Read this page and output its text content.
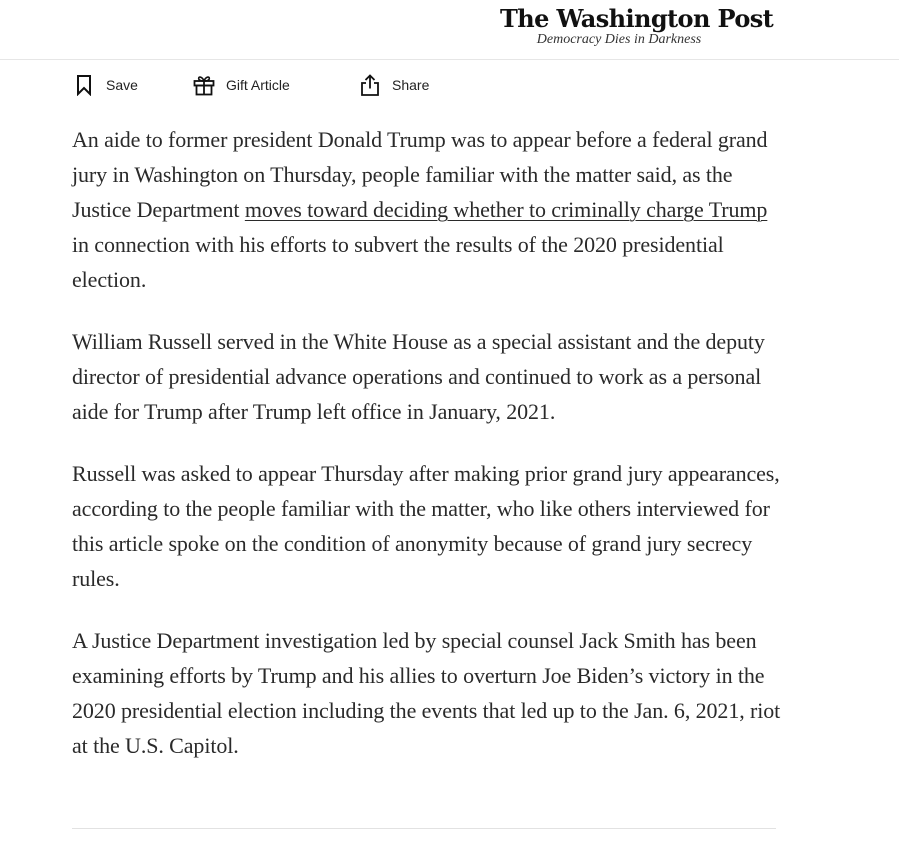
The Washington Post
Democracy Dies in Darkness
Save	Gift Article	Share

An aide to former president Donald Trump was to appear before a federal grand jury in Washington on Thursday, people familiar with the matter said, as the Justice Department moves toward deciding whether to criminally charge Trump in connection with his efforts to subvert the results of the 2020 presidential election.

William Russell served in the White House as a special assistant and the deputy director of presidential advance operations and continued to work as a personal aide for Trump after Trump left office in January, 2021.

Russell was asked to appear Thursday after making prior grand jury appearances, according to the people familiar with the matter, who like others interviewed for this article spoke on the condition of anonymity because of grand jury secrecy rules.

A Justice Department investigation led by special counsel Jack Smith has been examining efforts by Trump and his allies to overturn Joe Biden’s victory in the 2020 presidential election including the events that led up to the Jan. 6, 2021, riot at the U.S. Capitol.
